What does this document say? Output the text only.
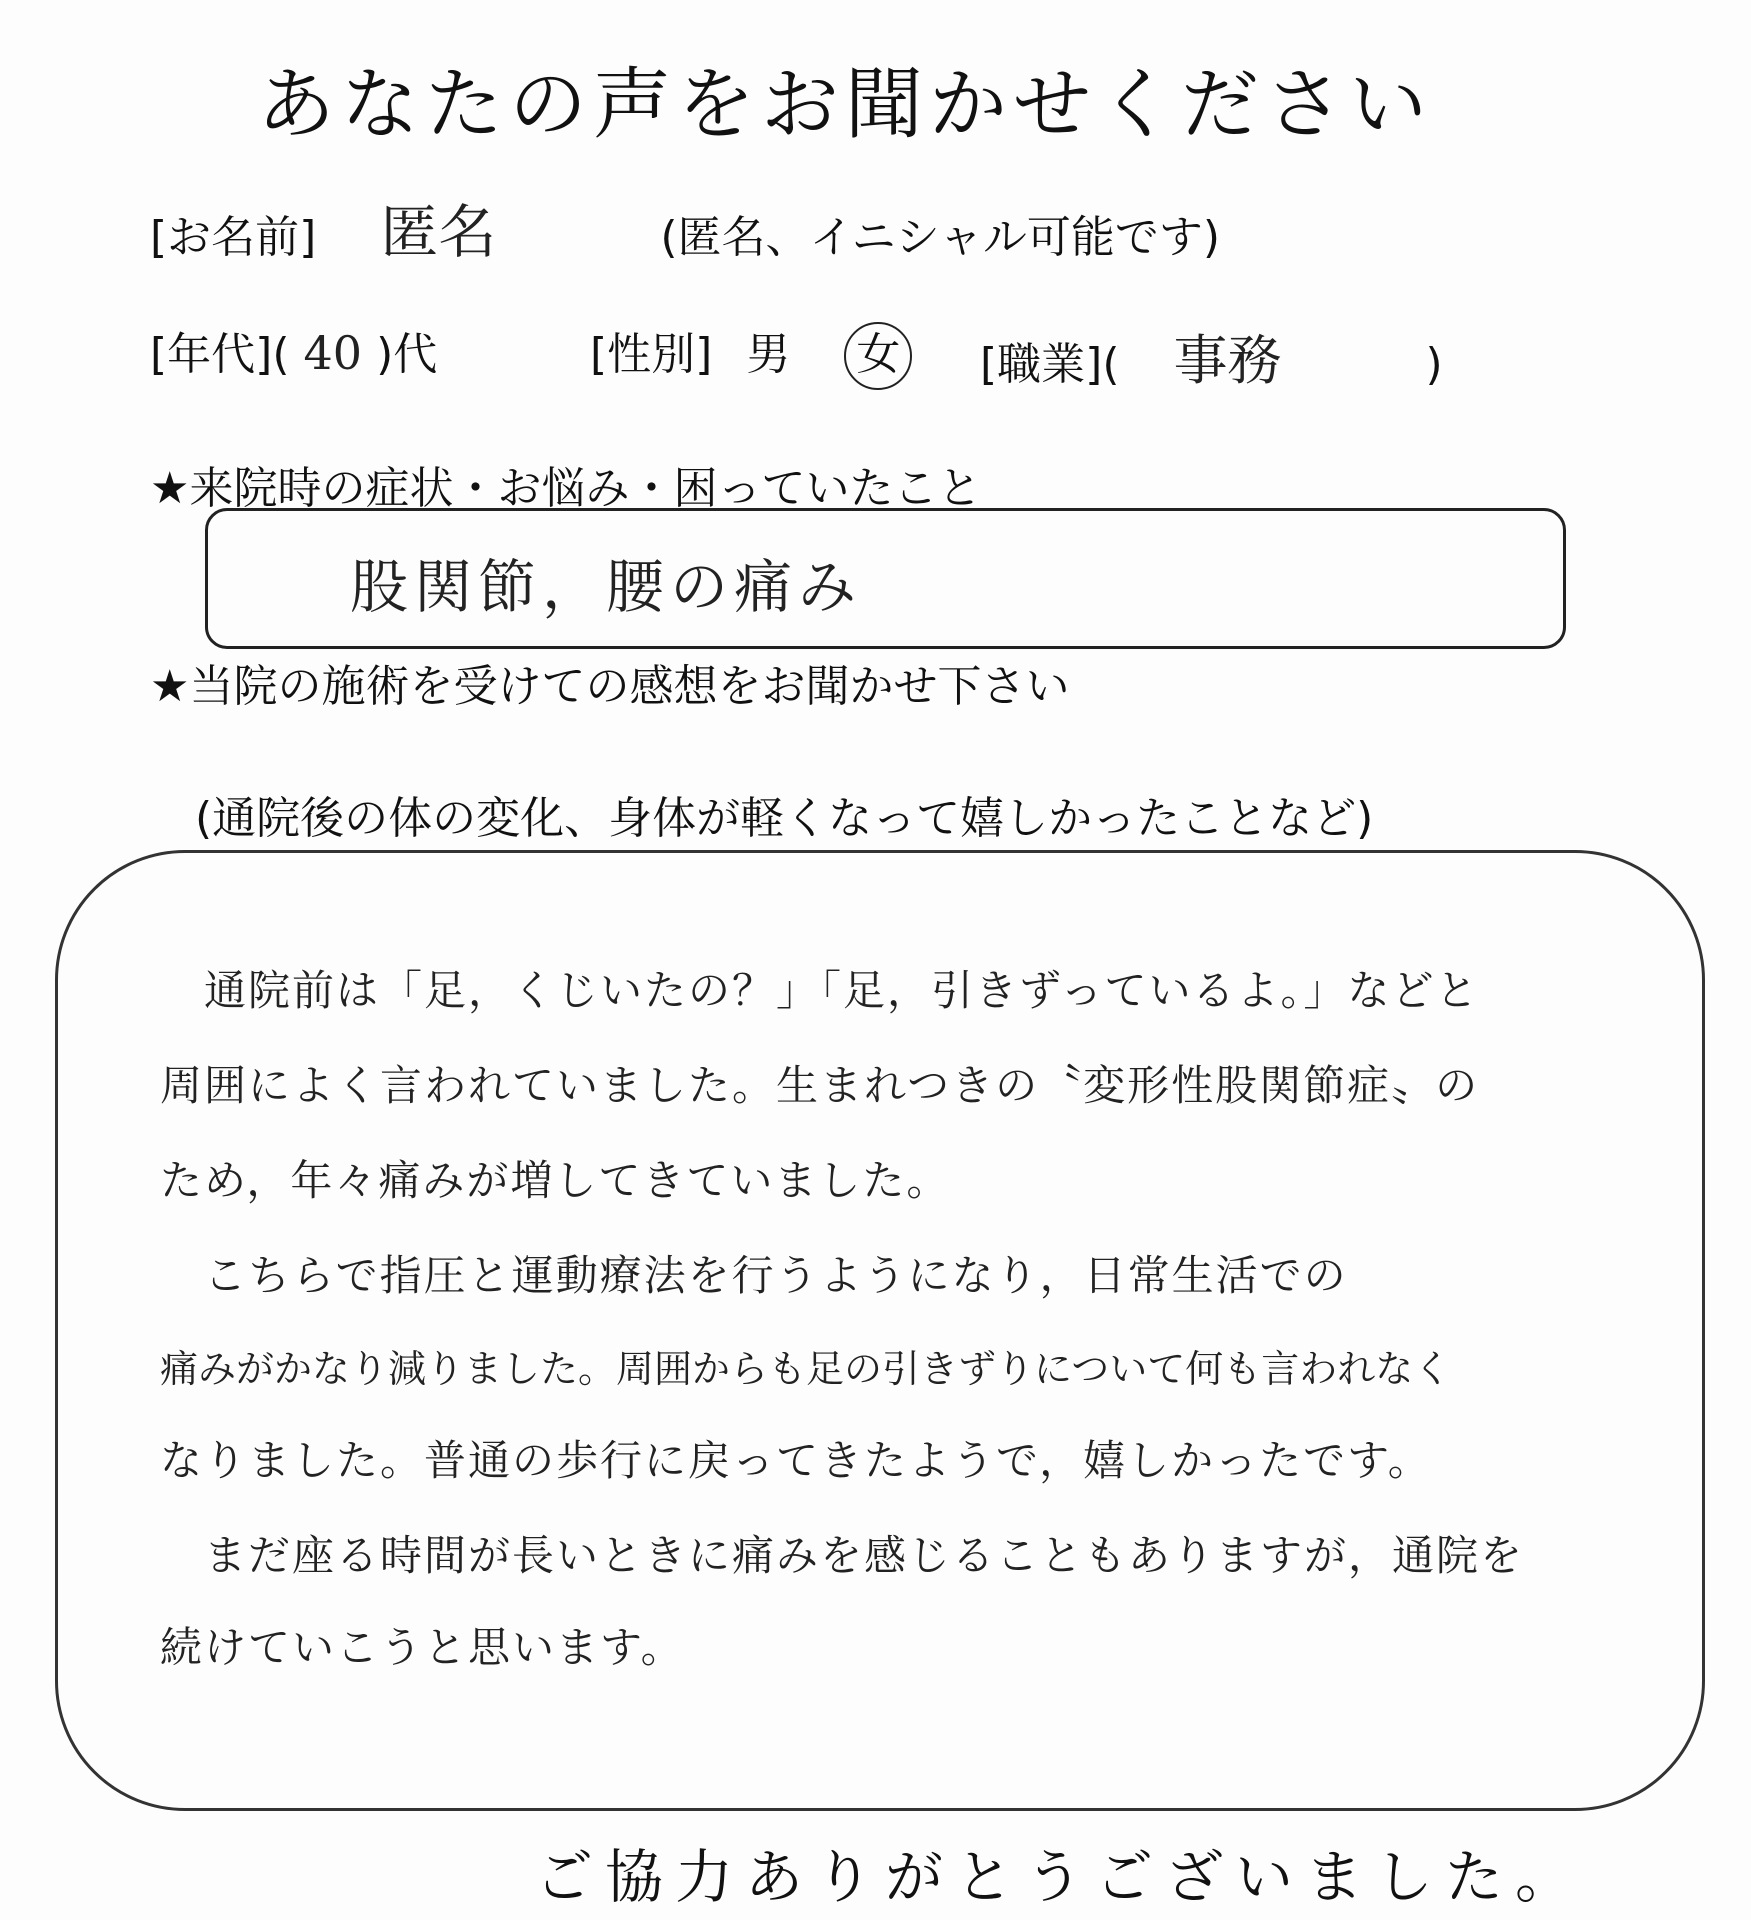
あなたの声をお聞かせください
[お名前] 匿名	(匿名、イニシャル可能です)
[年代]( 40 )代	[性別] 男 女 [職業]( 事務	)
★来院時の症状・お悩み・困っていたこと
股関節，腰の痛み
★当院の施術を受けての感想をお聞かせ下さい
(通院後の体の変化、身体が軽くなって嬉しかったことなど)
　通院前は「足，くじいたの？」「足，引きずっているよ。」などと
周囲によく言われていました。生まれつきの〝変形性股関節症〟の
ため，年々痛みが増してきていました。
　こちらで指圧と運動療法を行うようになり，日常生活での
痛みがかなり減りました。周囲からも足の引きずりについて何も言われなく
なりました。普通の歩行に戻ってきたようで，嬉しかったです。
　まだ座る時間が長いときに痛みを感じることもありますが，通院を
続けていこうと思います。
ご協力ありがとうございました。
